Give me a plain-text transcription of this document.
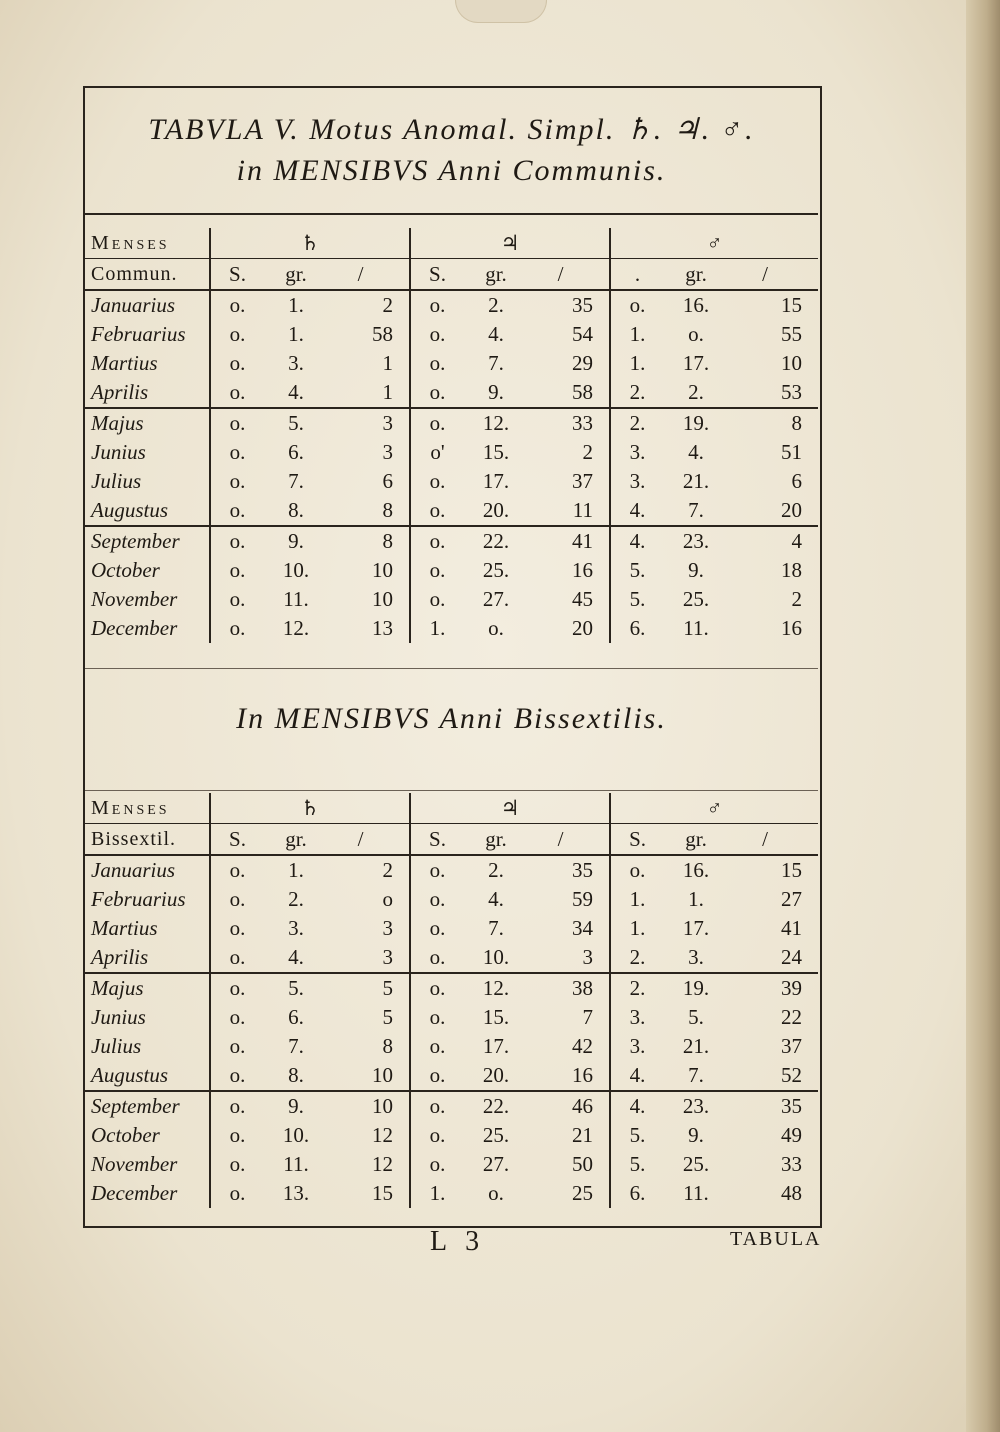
TABVLA V. Motus Anomal. Simpl. ♄. ♃. ♂.
in MENSIBVS Anni Communis.
Menses	♄			♃			♂		
Commun.	S.	gr.	/	S.	gr.	/	.	gr.	/
Januarius	o.	1.	2	o.	2.	35	o.	16.	15
Februarius	o.	1.	58	o.	4.	54	1.	o.	55
Martius	o.	3.	1	o.	7.	29	1.	17.	10
Aprilis	o.	4.	1	o.	9.	58	2.	2.	53
Majus	o.	5.	3	o.	12.	33	2.	19.	8
Junius	o.	6.	3	o'	15.	2	3.	4.	51
Julius	o.	7.	6	o.	17.	37	3.	21.	6
Augustus	o.	8.	8	o.	20.	11	4.	7.	20
September	o.	9.	8	o.	22.	41	4.	23.	4
October	o.	10.	10	o.	25.	16	5.	9.	18
November	o.	11.	10	o.	27.	45	5.	25.	2
December	o.	12.	13	1.	o.	20	6.	11.	16
In MENSIBVS Anni Bissextilis.
Menses	♄			♃			♂		
Bissextil.	S.	gr.	/	S.	gr.	/	S.	gr.	/
Januarius	o.	1.	2	o.	2.	35	o.	16.	15
Februarius	o.	2.	o	o.	4.	59	1.	1.	27
Martius	o.	3.	3	o.	7.	34	1.	17.	41
Aprilis	o.	4.	3	o.	10.	3	2.	3.	24
Majus	o.	5.	5	o.	12.	38	2.	19.	39
Junius	o.	6.	5	o.	15.	7	3.	5.	22
Julius	o.	7.	8	o.	17.	42	3.	21.	37
Augustus	o.	8.	10	o.	20.	16	4.	7.	52
September	o.	9.	10	o.	22.	46	4.	23.	35
October	o.	10.	12	o.	25.	21	5.	9.	49
November	o.	11.	12	o.	27.	50	5.	25.	33
December	o.	13.	15	1.	o.	25	6.	11.	48
L 3	TABULA
